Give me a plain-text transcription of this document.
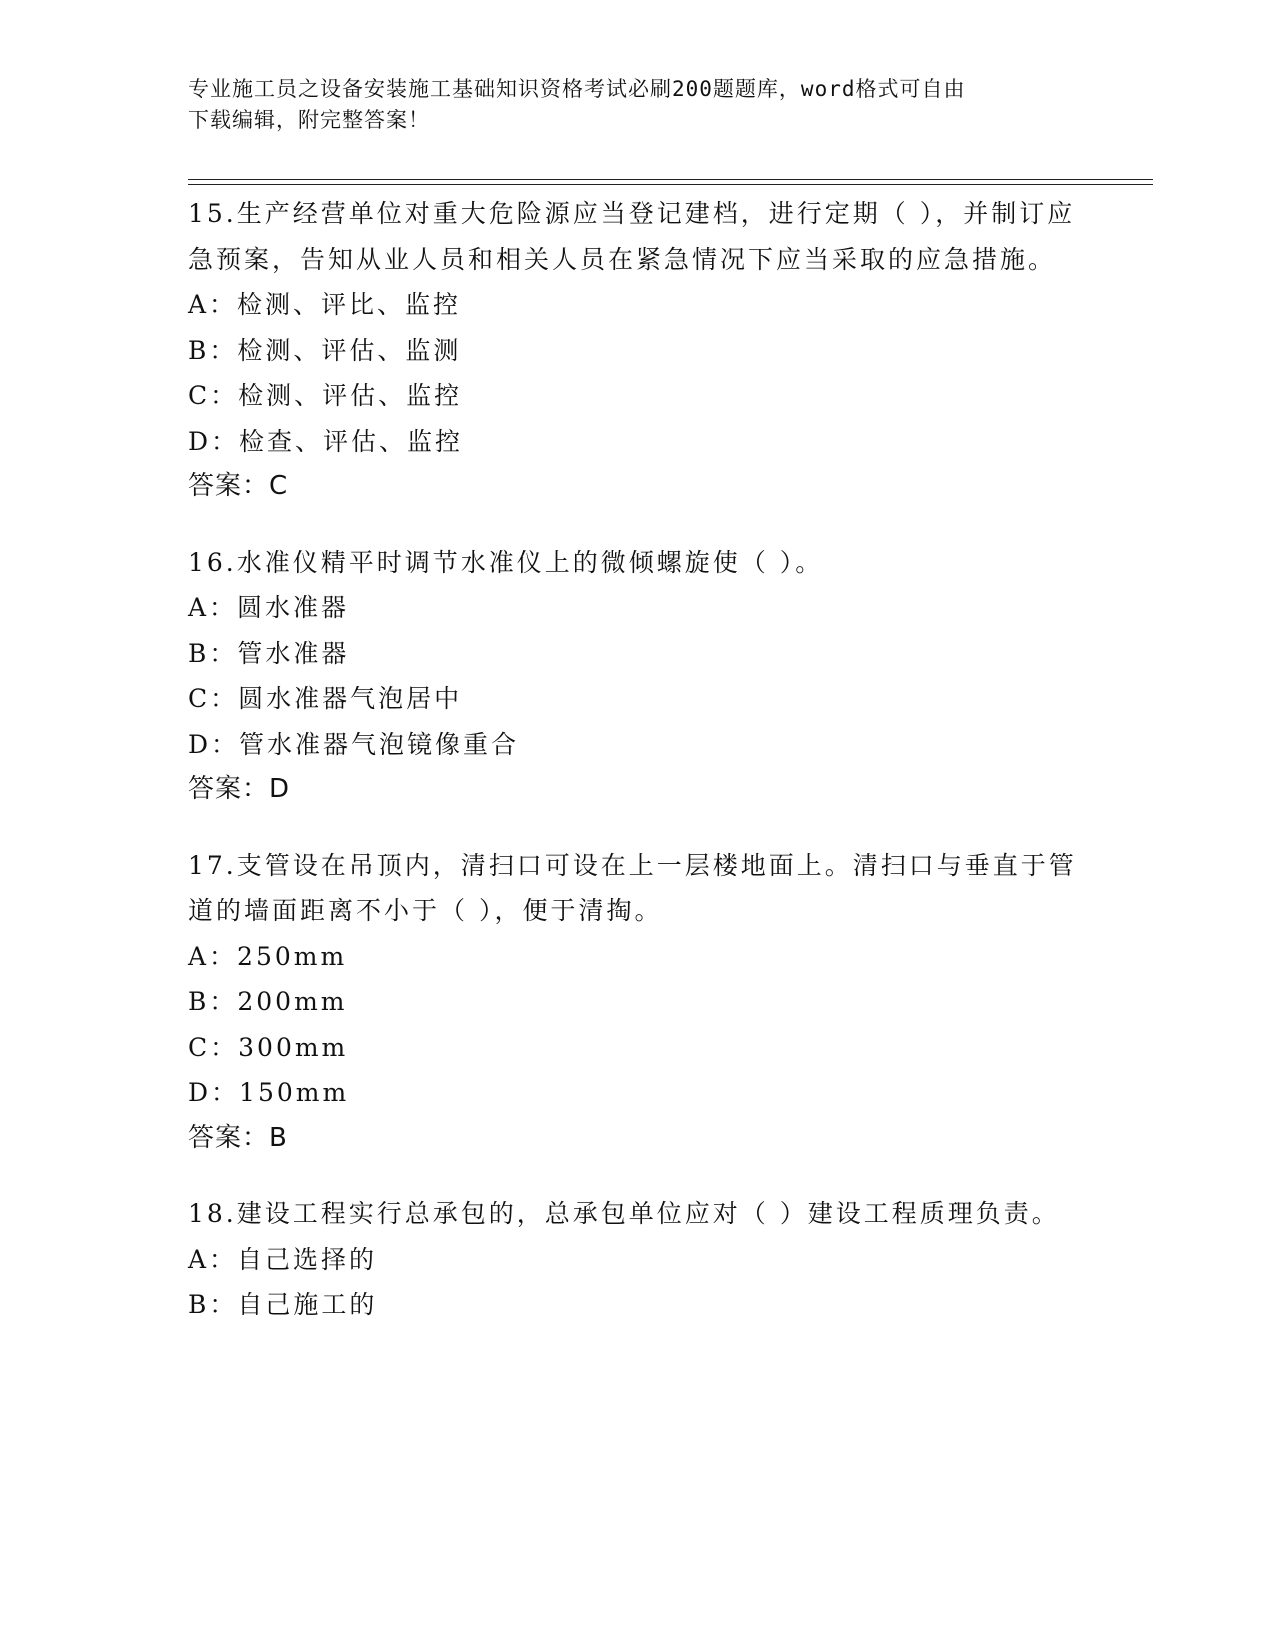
专业施工员之设备安装施工基础知识资格考试必刷200题题库，word格式可自由
下载编辑，附完整答案！
15.生产经营单位对重大危险源应当登记建档，进行定期（ ），并制订应急预案，告知从业人员和相关人员在紧急情况下应当采取的应急措施。
A：检测、评比、监控
B：检测、评估、监测
C：检测、评估、监控
D：检查、评估、监控
答案：C
16.水准仪精平时调节水准仪上的微倾螺旋使（ ）。
A：圆水准器
B：管水准器
C：圆水准器气泡居中
D：管水准器气泡镜像重合
答案：D
17.支管设在吊顶内，清扫口可设在上一层楼地面上。清扫口与垂直于管道的墙面距离不小于（ ），便于清掏。
A：250mm
B：200mm
C：300mm
D：150mm
答案：B
18.建设工程实行总承包的，总承包单位应对（ ）建设工程质理负责。
A：自己选择的
B：自己施工的
